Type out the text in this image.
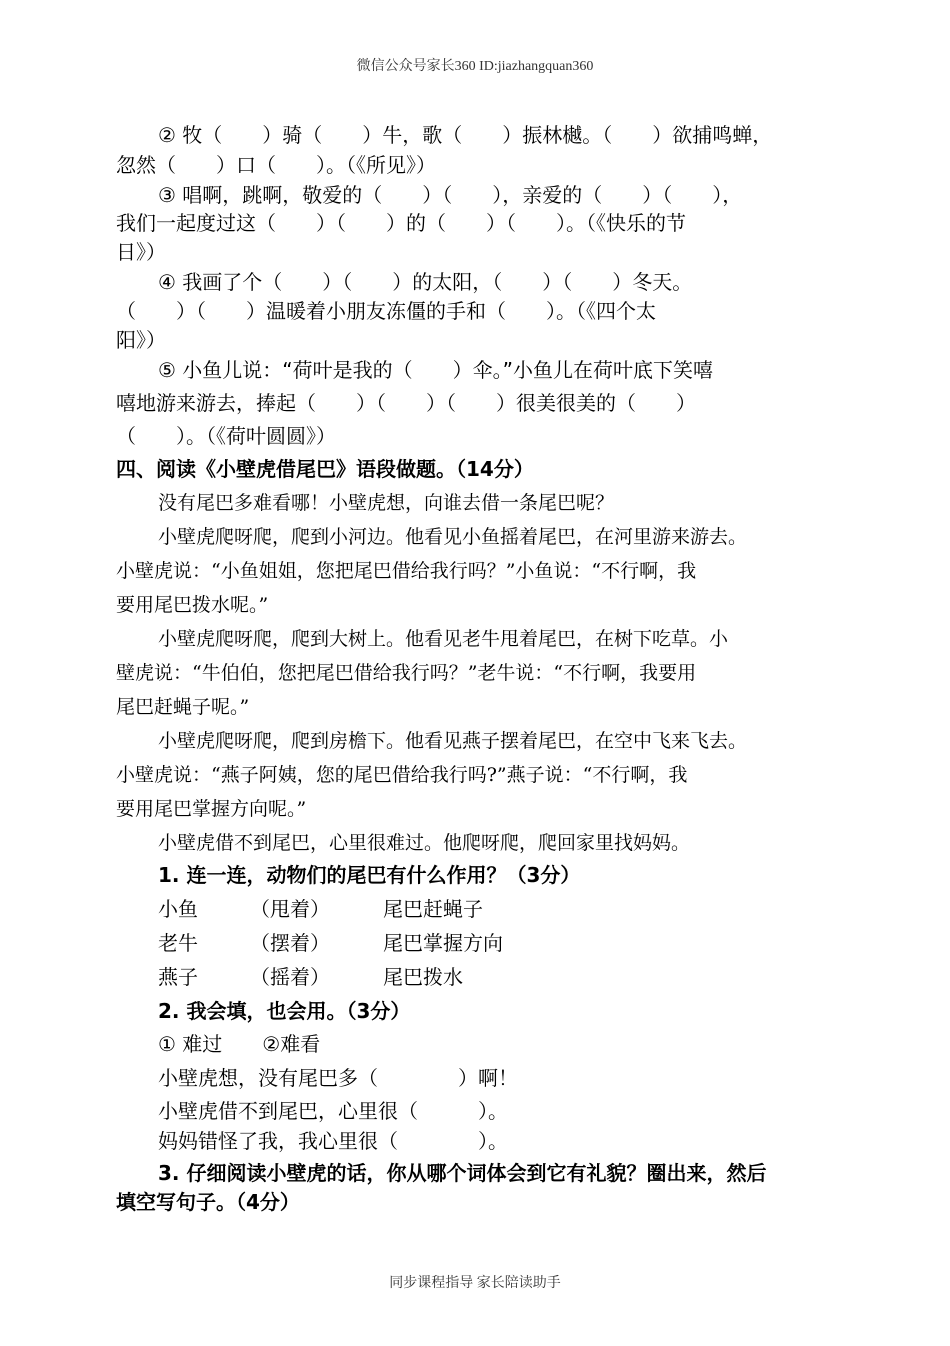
微信公众号家长360 ID:jiazhangquan360
② 牧（　　）骑（　　）牛，歌（　　）振林樾。（　　）欲捕鸣蝉，
忽然（　　）口（　　）。（《所见》）
③ 唱啊，跳啊，敬爱的（　　）（　　），亲爱的（　　）（　　），
我们一起度过这（　　）（　　）的（　　）（　　）。（《快乐的节
日》）
④ 我画了个（　　）（　　）的太阳，（　　）（　　）冬天。
（　　）（　　）温暖着小朋友冻僵的手和（　　）。（《四个太
阳》）
⑤ 小鱼儿说：“荷叶是我的（　　）伞。”小鱼儿在荷叶底下笑嘻
嘻地游来游去，捧起（　　）（　　）（　　）很美很美的（　　）
（　　）。（《荷叶圆圆》）
四、阅读《小壁虎借尾巴》语段做题。（14分）
没有尾巴多难看哪！小壁虎想，向谁去借一条尾巴呢？
小壁虎爬呀爬，爬到小河边。他看见小鱼摇着尾巴，在河里游来游去。
小壁虎说：“小鱼姐姐，您把尾巴借给我行吗？”小鱼说：“不行啊，我
要用尾巴拨水呢。”
小壁虎爬呀爬，爬到大树上。他看见老牛甩着尾巴，在树下吃草。小
壁虎说：“牛伯伯，您把尾巴借给我行吗？”老牛说：“不行啊，我要用
尾巴赶蝇子呢。”
小壁虎爬呀爬，爬到房檐下。他看见燕子摆着尾巴，在空中飞来飞去。
小壁虎说：“燕子阿姨，您的尾巴借给我行吗?”燕子说：“不行啊，我
要用尾巴掌握方向呢。”
小壁虎借不到尾巴，心里很难过。他爬呀爬，爬回家里找妈妈。
1. 连一连，动物们的尾巴有什么作用？（3分）
小鱼	（甩着）	尾巴赶蝇子
老牛	（摆着）	尾巴掌握方向
燕子	（摇着）	尾巴拨水
2. 我会填，也会用。（3分）
① 难过　　②难看
小壁虎想，没有尾巴多（　　　　）啊！
小壁虎借不到尾巴，心里很（　　　）。
妈妈错怪了我，我心里很（　　　　）。
3. 仔细阅读小壁虎的话，你从哪个词体会到它有礼貌？圈出来，然后
填空写句子。（4分）
同步课程指导 家长陪读助手
